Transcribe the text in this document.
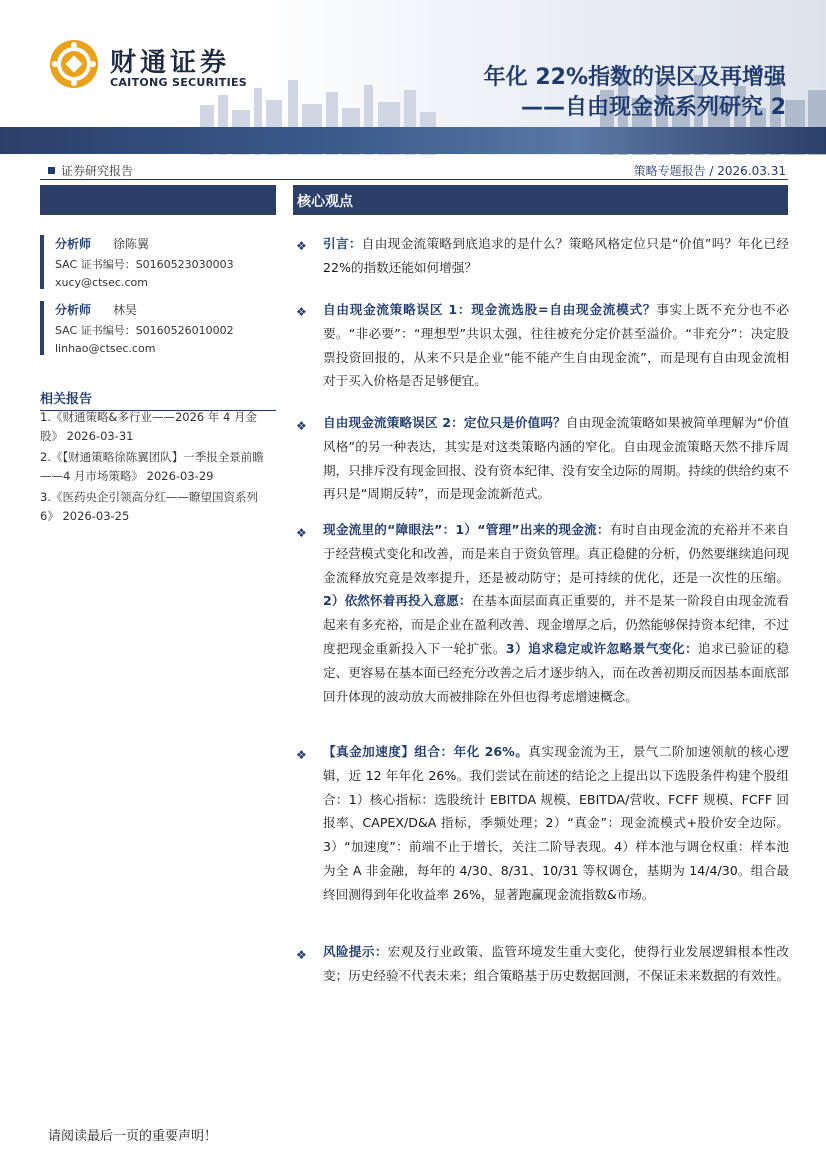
财通证券
CAITONG SECURITIES	年化 22%指数的误区及再增强
——自由现金流系列研究 2
证券研究报告	策略专题报告 / 2026.03.31
分析师 徐陈翼
SAC 证书编号：S0160523030003
xucy@ctsec.com
分析师 林昊
SAC 证书编号：S0160526010002
linhao@ctsec.com
相关报告
1.《财通策略&多行业——2026 年 4 月金股》 2026-03-31
2.《【财通策略徐陈翼团队】一季报全景前瞻——4 月市场策略》 2026-03-29
3.《医药央企引领高分红——瞭望国资系列 6》 2026-03-25
核心观点
❖ 引言：自由现金流策略到底追求的是什么？策略风格定位只是“价值”吗？年化已经 22%的指数还能如何增强？
❖ 自由现金流策略误区 1：现金流选股=自由现金流模式？事实上既不充分也不必要。“非必要”：“理想型”共识太强，往往被充分定价甚至溢价。“非充分”：决定股票投资回报的，从来不只是企业“能不能产生自由现金流”，而是现有自由现金流相对于买入价格是否足够便宜。
❖ 自由现金流策略误区 2：定位只是价值吗？自由现金流策略如果被简单理解为“价值风格”的另一种表达，其实是对这类策略内涵的窄化。自由现金流策略天然不排斥周期，只排斥没有现金回报、没有资本纪律、没有安全边际的周期。持续的供给约束不再只是“周期反转”，而是现金流新范式。
❖ 现金流里的“障眼法”：1）“管理”出来的现金流：有时自由现金流的充裕并不来自于经营模式变化和改善，而是来自于资负管理。真正稳健的分析，仍然要继续追问现金流释放究竟是效率提升，还是被动防守；是可持续的优化，还是一次性的压缩。2）依然怀着再投入意愿：在基本面层面真正重要的，并不是某一阶段自由现金流看起来有多充裕，而是企业在盈利改善、现金增厚之后，仍然能够保持资本纪律，不过度把现金重新投入下一轮扩张。3）追求稳定或许忽略景气变化：追求已验证的稳定、更容易在基本面已经充分改善之后才逐步纳入，而在改善初期反而因基本面底部回升体现的波动放大而被排除在外但也得考虑增速概念。
❖ 【真金加速度】组合：年化 26%。真实现金流为王，景气二阶加速领航的核心逻辑，近 12 年年化 26%。我们尝试在前述的结论之上提出以下选股条件构建个股组合：1）核心指标：选股统计 EBITDA 规模、EBITDA/营收、FCFF 规模、FCFF 回报率、CAPEX/D&A 指标，季频处理；2）“真金”：现金流模式+股价安全边际。3）“加速度”：前端不止于增长，关注二阶导表现。4）样本池与调仓权重：样本池为全 A 非金融，每年的 4/30、8/31、10/31 等权调仓，基期为 14/4/30。组合最终回测得到年化收益率 26%，显著跑赢现金流指数&市场。
❖ 风险提示：宏观及行业政策、监管环境发生重大变化，使得行业发展逻辑根本性改变；历史经验不代表未来；组合策略基于历史数据回测，不保证未来数据的有效性。
请阅读最后一页的重要声明！
